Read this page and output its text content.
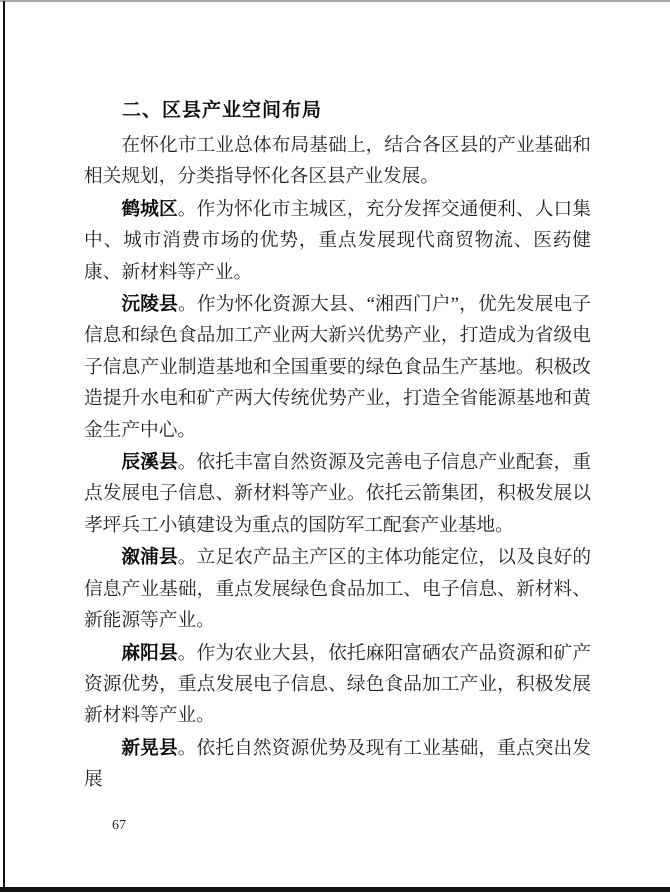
二、区县产业空间布局

在怀化市工业总体布局基础上，结合各区县的产业基础和相关规划，分类指导怀化各区县产业发展。

鹤城区。作为怀化市主城区，充分发挥交通便利、人口集中、城市消费市场的优势，重点发展现代商贸物流、医药健康、新材料等产业。

沅陵县。作为怀化资源大县、“湘西门户”，优先发展电子信息和绿色食品加工产业两大新兴优势产业，打造成为省级电子信息产业制造基地和全国重要的绿色食品生产基地。积极改造提升水电和矿产两大传统优势产业，打造全省能源基地和黄金生产中心。

辰溪县。依托丰富自然资源及完善电子信息产业配套，重点发展电子信息、新材料等产业。依托云箭集团，积极发展以孝坪兵工小镇建设为重点的国防军工配套产业基地。

溆浦县。立足农产品主产区的主体功能定位，以及良好的信息产业基础，重点发展绿色食品加工、电子信息、新材料、新能源等产业。

麻阳县。作为农业大县，依托麻阳富硒农产品资源和矿产资源优势，重点发展电子信息、绿色食品加工产业，积极发展新材料等产业。

新晃县。依托自然资源优势及现有工业基础，重点突出发展

67
